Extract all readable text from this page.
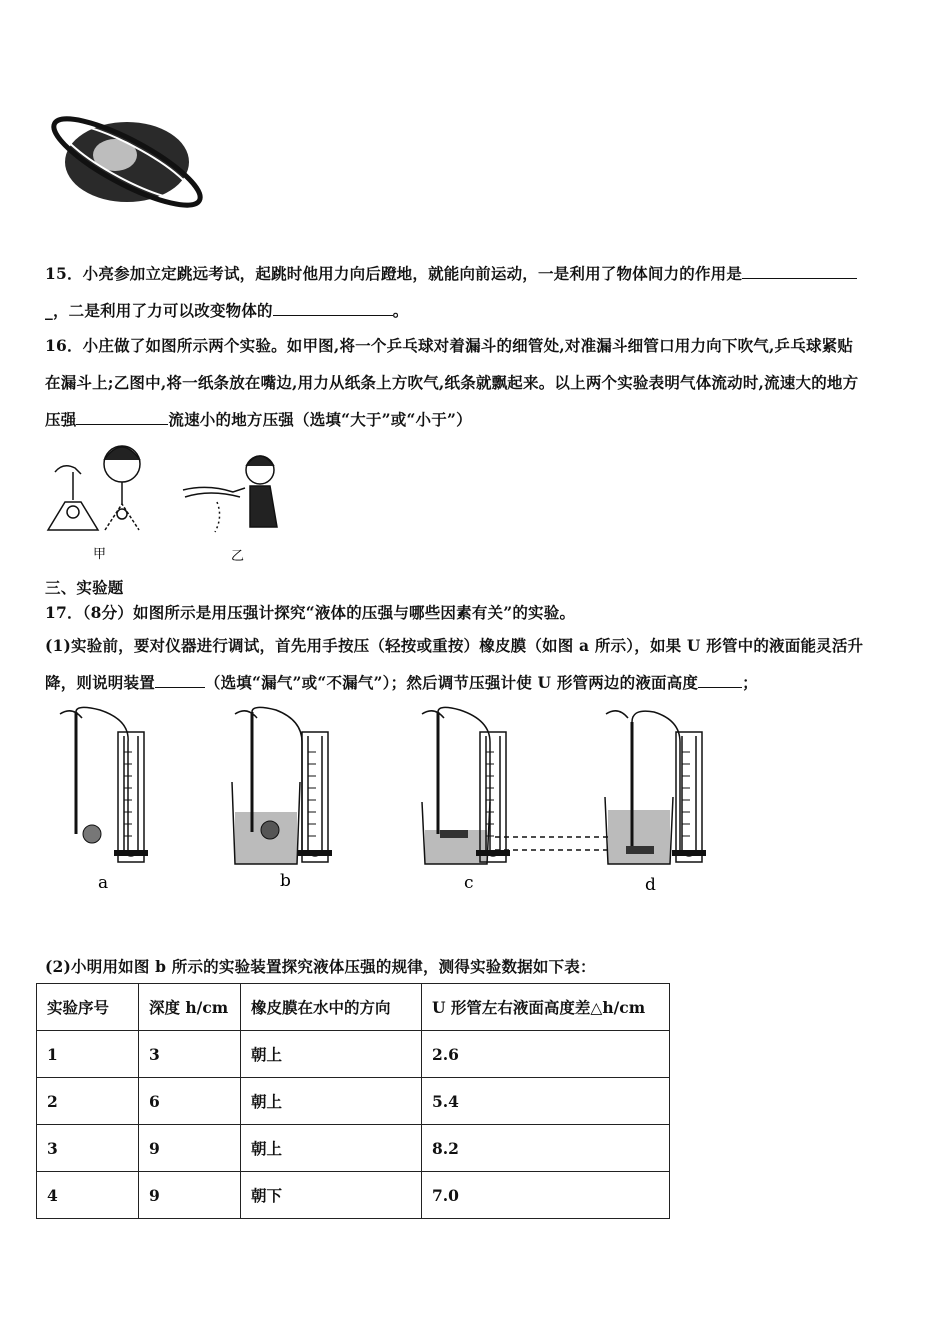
15．小亮参加立定跳远考试，起跳时他用力向后蹬地，就能向前运动，一是利用了物体间力的作用是
_，二是利用了力可以改变物体的	。
16．小庄做了如图所示两个实验。如甲图,将一个乒乓球对着漏斗的细管处,对准漏斗细管口用力向下吹气,乒乓球紧贴
在漏斗上;乙图中,将一纸条放在嘴边,用力从纸条上方吹气,纸条就飘起来。以上两个实验表明气体流动时,流速大的地方
压强	流速小的地方压强（选填“大于”或“小于”）
甲	乙
三、实验题
17．（8分）如图所示是用压强计探究“液体的压强与哪些因素有关”的实验。
(1)实验前，要对仪器进行调试，首先用手按压（轻按或重按）橡皮膜（如图 a 所示），如果 U 形管中的液面能灵活升
降，则说明装置	（选填“漏气”或“不漏气”）；然后调节压强计使 U 形管两边的液面高度	；
a	b	c	d
(2)小明用如图 b 所示的实验装置探究液体压强的规律，测得实验数据如下表：
实验序号	深度 h/cm	橡皮膜在水中的方向	U 形管左右液面高度差△h/cm
1	3	朝上	2.6
2	6	朝上	5.4
3	9	朝上	8.2
4	9	朝下	7.0
